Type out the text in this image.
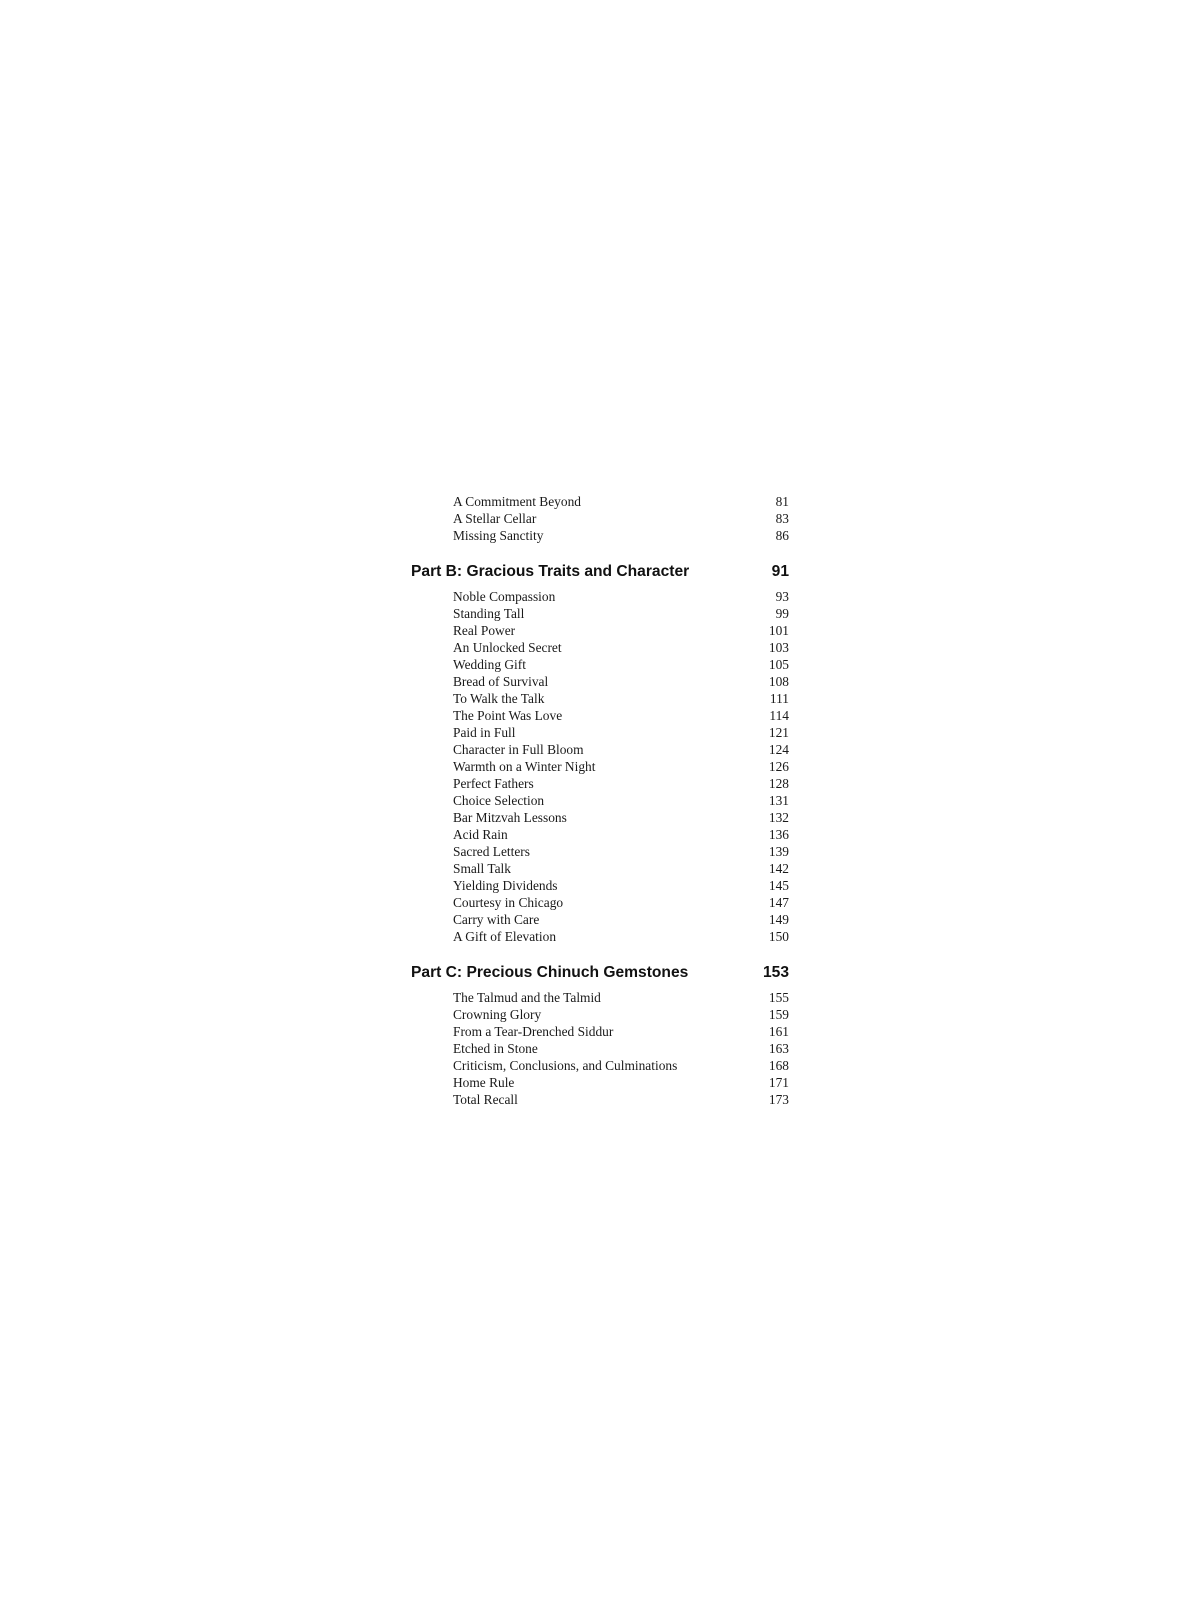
A Commitment Beyond	81
A Stellar Cellar	83
Missing Sanctity	86
Part B: Gracious Traits and Character	91
Noble Compassion	93
Standing Tall	99
Real Power	101
An Unlocked Secret	103
Wedding Gift	105
Bread of Survival	108
To Walk the Talk	111
The Point Was Love	114
Paid in Full	121
Character in Full Bloom	124
Warmth on a Winter Night	126
Perfect Fathers	128
Choice Selection	131
Bar Mitzvah Lessons	132
Acid Rain	136
Sacred Letters	139
Small Talk	142
Yielding Dividends	145
Courtesy in Chicago	147
Carry with Care	149
A Gift of Elevation	150
Part C: Precious Chinuch Gemstones	153
The Talmud and the Talmid	155
Crowning Glory	159
From a Tear-Drenched Siddur	161
Etched in Stone	163
Criticism, Conclusions, and Culminations	168
Home Rule	171
Total Recall	173
